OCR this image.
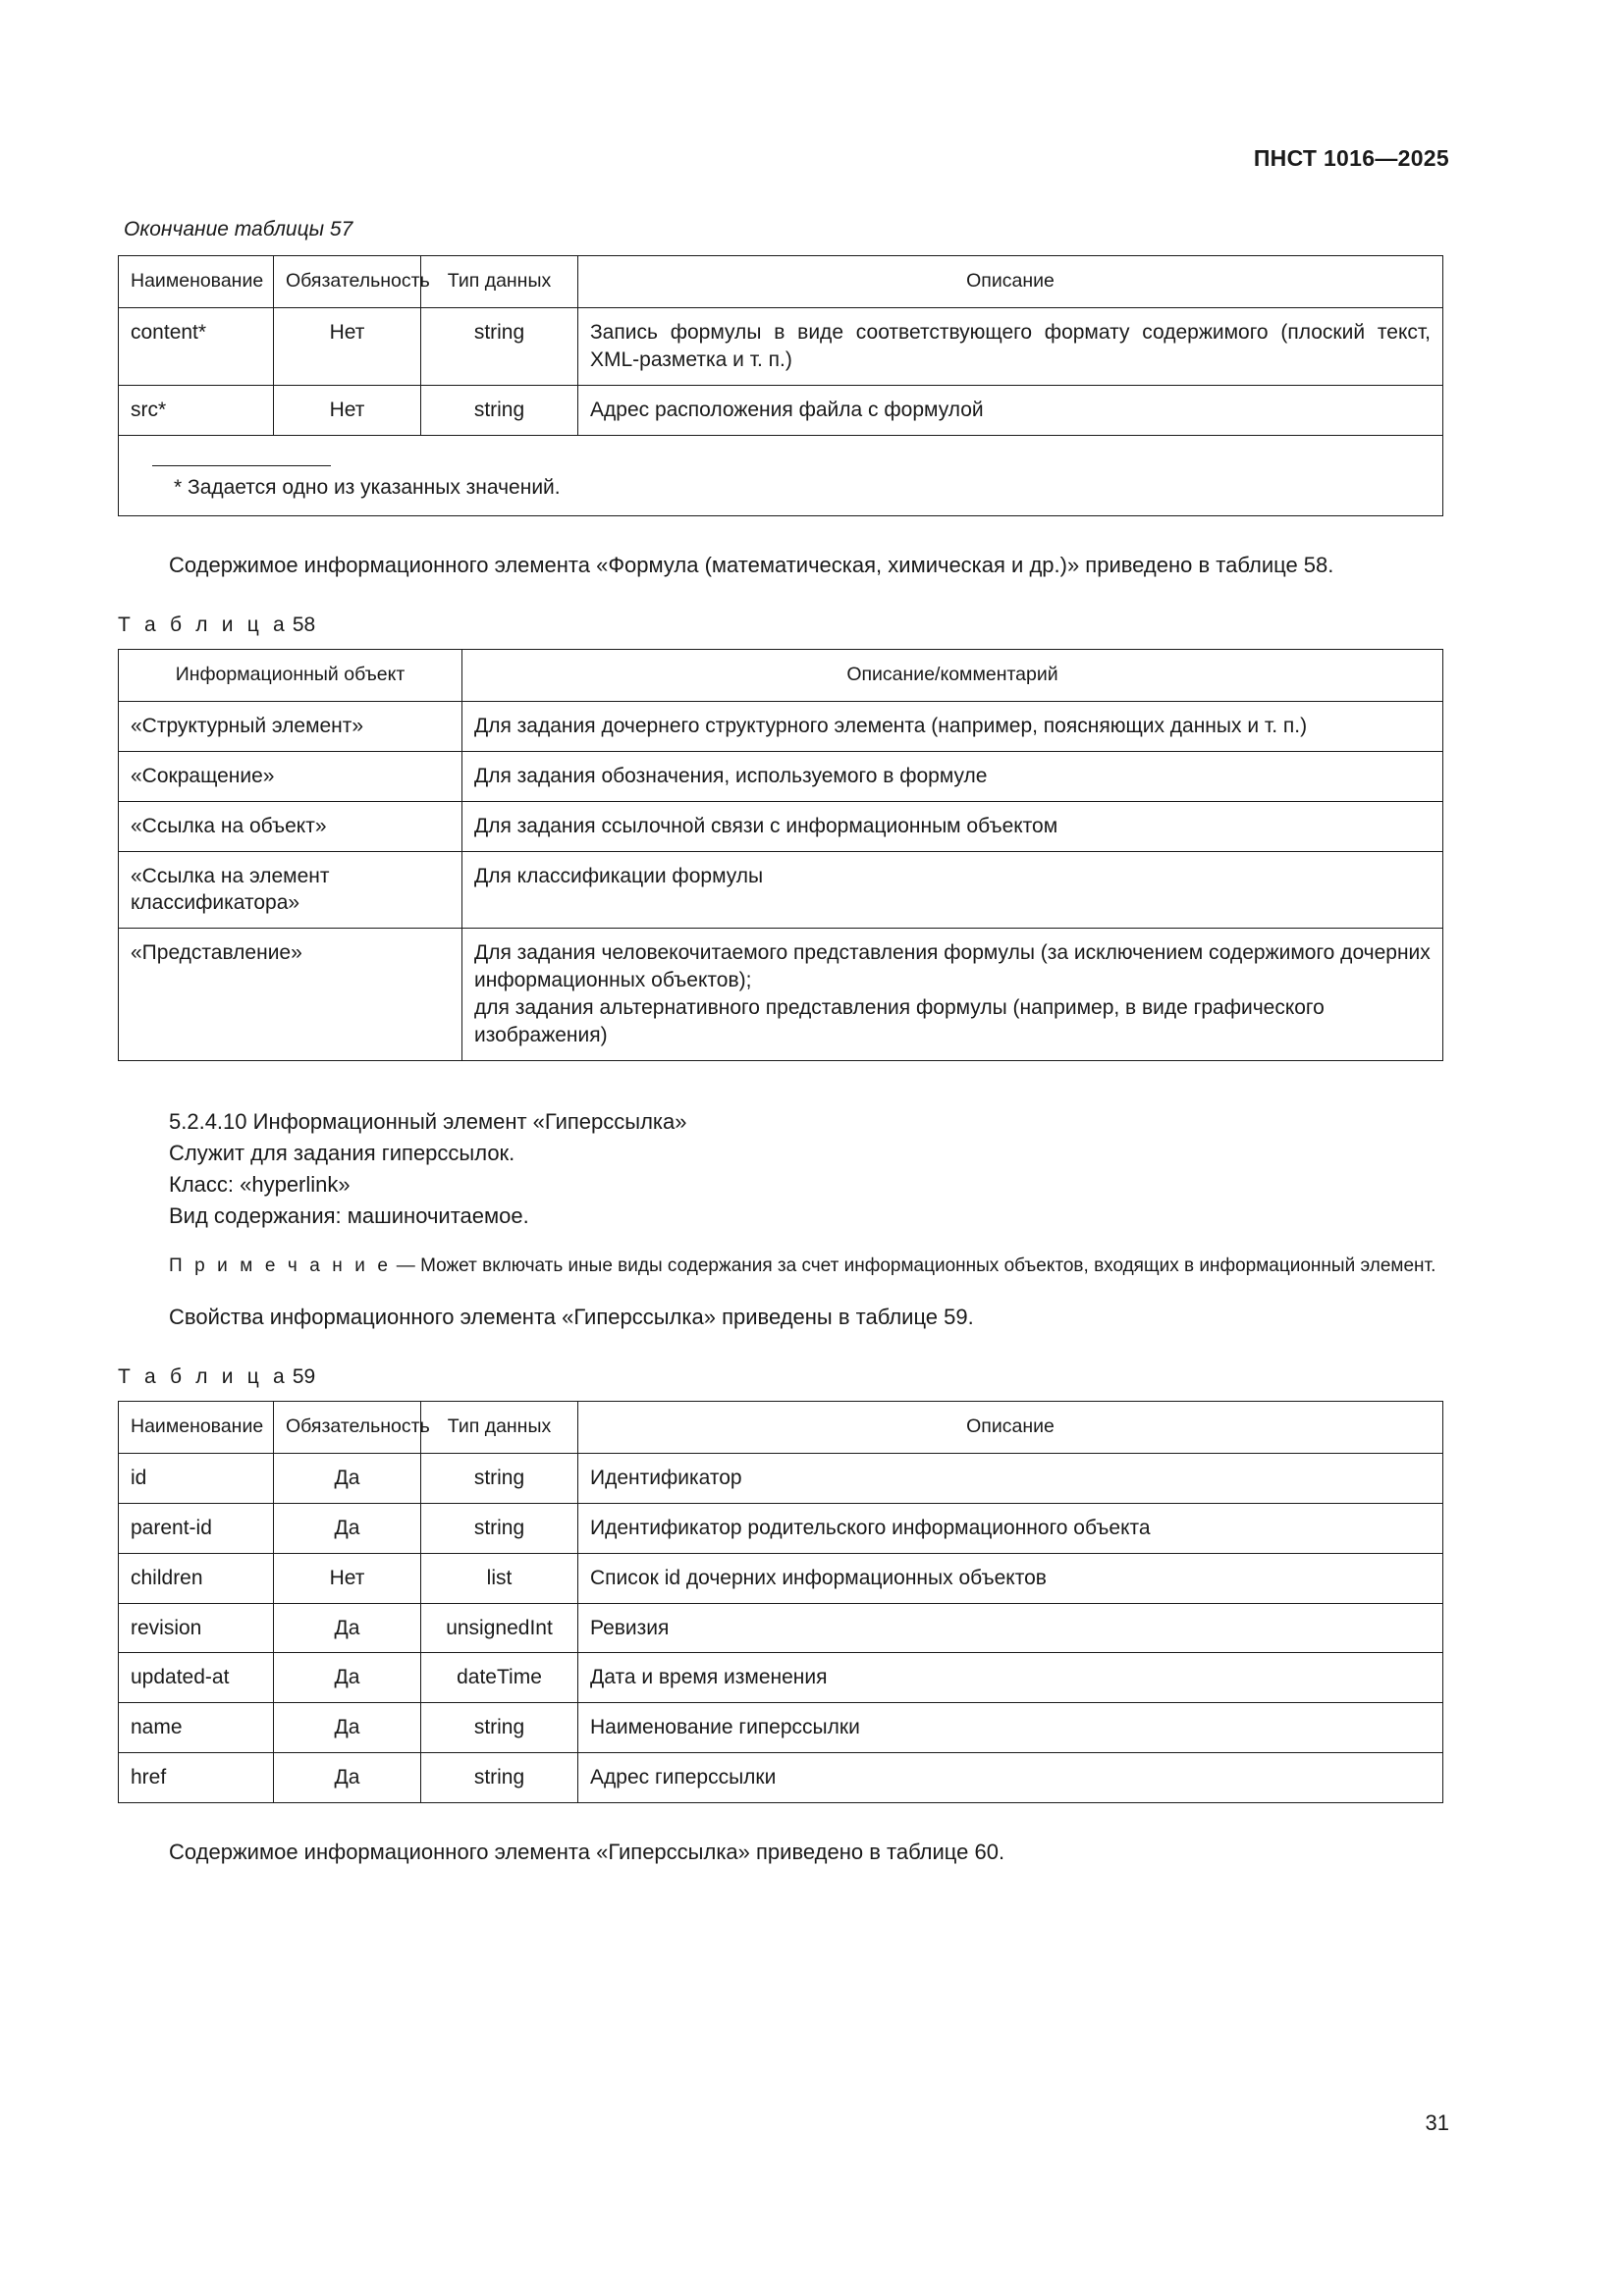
ПНСТ 1016—2025
Окончание таблицы 57
Наименование	Обязательность	Тип данных	Описание
content*	Нет	string	Запись формулы в виде соответствующего формату содержимого (плоский текст, XML-разметка и т. п.)
src*	Нет	string	Адрес расположения файла с формулой

* Задается одно из указанных значений.			

Содержимое информационного элемента «Формула (математическая, химическая и др.)» приведено в таблице 58.

Т а б л и ц а 58
Информационный объект	Описание/комментарий
«Структурный элемент»	Для задания дочернего структурного элемента (например, поясняющих данных и т. п.)
«Сокращение»	Для задания обозначения, используемого в формуле
«Ссылка на объект»	Для задания ссылочной связи с информационным объектом
«Ссылка на элемент классификатора»	Для классификации формулы
«Представление»	Для задания человекочитаемого представления формулы (за исключением содержимого дочерних информационных объектов);
для задания альтернативного представления формулы (например, в виде графического изображения)
5.2.4.10 Информационный элемент «Гиперссылка»
Служит для задания гиперссылок.
Класс: «hyperlink»
Вид содержания: машиночитаемое.

П р и м е ч а н и е — Может включать иные виды содержания за счет информационных объектов, входящих в информационный элемент.

Свойства информационного элемента «Гиперссылка» приведены в таблице 59.

Т а б л и ц а 59
Наименование	Обязательность	Тип данных	Описание
id	Да	string	Идентификатор
parent-id	Да	string	Идентификатор родительского информационного объекта
children	Нет	list	Список id дочерних информационных объектов
revision	Да	unsignedInt	Ревизия
updated-at	Да	dateTime	Дата и время изменения
name	Да	string	Наименование гиперссылки
href	Да	string	Адрес гиперссылки

Содержимое информационного элемента «Гиперссылка» приведено в таблице 60.

31
